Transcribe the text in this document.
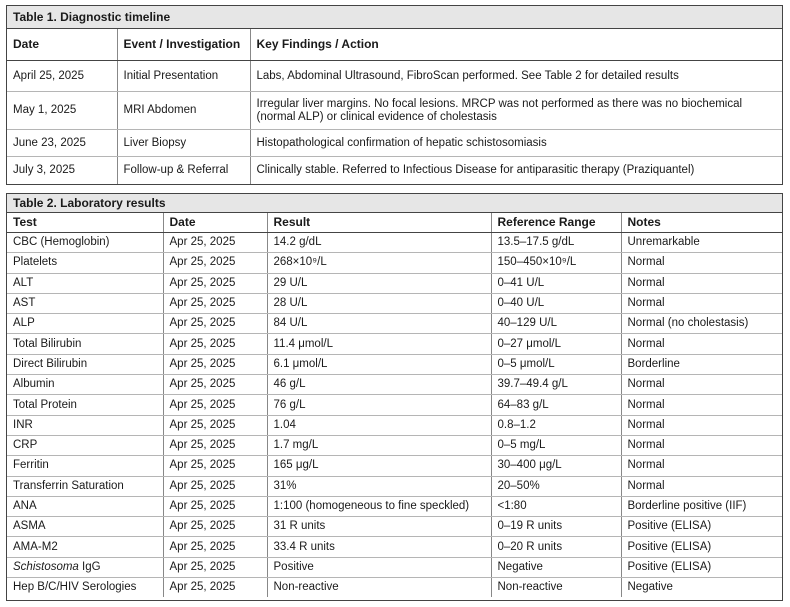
Table 1. Diagnostic timeline
Date	Event / Investigation	Key Findings / Action
April 25, 2025	Initial Presentation	Labs, Abdominal Ultrasound, FibroScan performed. See Table 2 for detailed results
May 1, 2025	MRI Abdomen	Irregular liver margins. No focal lesions. MRCP was not performed as there was no biochemical (normal ALP) or clinical evidence of cholestasis
June 23, 2025	Liver Biopsy	Histopathological confirmation of hepatic schistosomiasis
July 3, 2025	Follow-up & Referral	Clinically stable. Referred to Infectious Disease for antiparasitic therapy (Praziquantel)
Table 2. Laboratory results
Test	Date	Result	Reference Range	Notes
CBC (Hemoglobin)	Apr 25, 2025	14.2 g/dL	13.5–17.5 g/dL	Unremarkable
Platelets	Apr 25, 2025	268×10⁹/L	150–450×10⁹/L	Normal
ALT	Apr 25, 2025	29 U/L	0–41 U/L	Normal
AST	Apr 25, 2025	28 U/L	0–40 U/L	Normal
ALP	Apr 25, 2025	84 U/L	40–129 U/L	Normal (no cholestasis)
Total Bilirubin	Apr 25, 2025	11.4 μmol/L	0–27 μmol/L	Normal
Direct Bilirubin	Apr 25, 2025	6.1 μmol/L	0–5 μmol/L	Borderline
Albumin	Apr 25, 2025	46 g/L	39.7–49.4 g/L	Normal
Total Protein	Apr 25, 2025	76 g/L	64–83 g/L	Normal
INR	Apr 25, 2025	1.04	0.8–1.2	Normal
CRP	Apr 25, 2025	1.7 mg/L	0–5 mg/L	Normal
Ferritin	Apr 25, 2025	165 μg/L	30–400 μg/L	Normal
Transferrin Saturation	Apr 25, 2025	31%	20–50%	Normal
ANA	Apr 25, 2025	1:100 (homogeneous to fine speckled)	<1:80	Borderline positive (IIF)
ASMA	Apr 25, 2025	31 R units	0–19 R units	Positive (ELISA)
AMA-M2	Apr 25, 2025	33.4 R units	0–20 R units	Positive (ELISA)
Schistosoma IgG	Apr 25, 2025	Positive	Negative	Positive (ELISA)
Hep B/C/HIV Serologies	Apr 25, 2025	Non-reactive	Non-reactive	Negative
